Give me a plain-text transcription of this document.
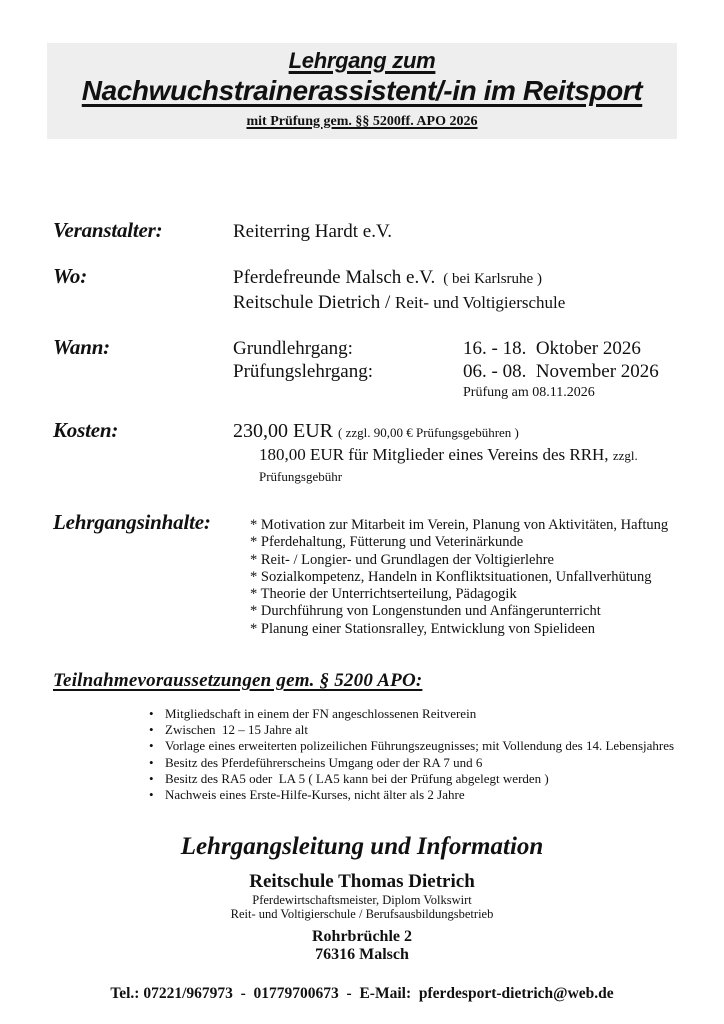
Lehrgang zum
Nachwuchstrainerassistent/-in im Reitsport
mit Prüfung gem. §§ 5200ff. APO 2026
Veranstalter:	Reiterring Hardt e.V.
Wo:	Pferdefreunde Malsch e.V. ( bei Karlsruhe )
Reitschule Dietrich / Reit- und Voltigierschule
Wann:	Grundlehrgang:	16. - 18.  Oktober 2026
Prüfungslehrgang:	06. - 08.  November 2026
Prüfung am 08.11.2026
Kosten:	230,00 EUR ( zzgl. 90,00 € Prüfungsgebühren )
180,00 EUR für Mitglieder eines Vereins des RRH, zzgl. Prüfungsgebühr
Lehrgangsinhalte:	* Motivation zur Mitarbeit im Verein, Planung von Aktivitäten, Haftung
* Pferdehaltung, Fütterung und Veterinärkunde
* Reit- / Longier- und Grundlagen der Voltigierlehre
* Sozialkompetenz, Handeln in Konfliktsituationen, Unfallverhütung
* Theorie der Unterrichtserteilung, Pädagogik
* Durchführung von Longenstunden und Anfängerunterricht
* Planung einer Stationsralley, Entwicklung von Spielideen
Teilnahmevoraussetzungen gem. § 5200 APO:
• Mitgliedschaft in einem der FN angeschlossenen Reitverein
• Zwischen  12 – 15 Jahre alt
• Vorlage eines erweiterten polizeilichen Führungszeugnisses; mit Vollendung des 14. Lebensjahres
• Besitz des Pferdeführerscheins Umgang oder der RA 7 und 6
• Besitz des RA5 oder  LA 5 ( LA5 kann bei der Prüfung abgelegt werden )
• Nachweis eines Erste-Hilfe-Kurses, nicht älter als 2 Jahre
Lehrgangsleitung und Information
Reitschule Thomas Dietrich
Pferdewirtschaftsmeister, Diplom Volkswirt
Reit- und Voltigierschule / Berufsausbildungsbetrieb
Rohrbrüchle 2
76316 Malsch
Tel.: 07221/967973  -  01779700673  -  E-Mail:  pferdesport-dietrich@web.de
